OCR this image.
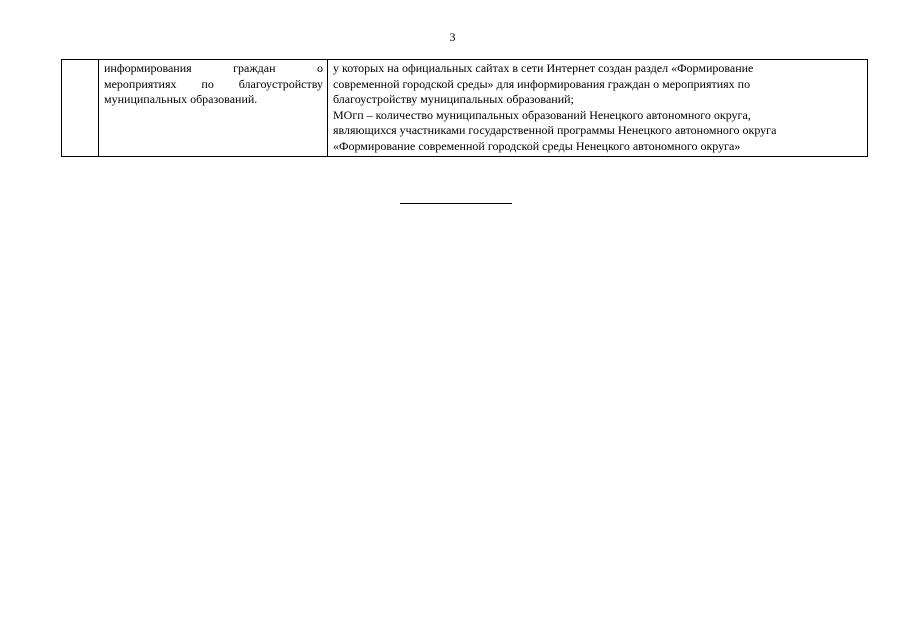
3

информирования граждан о
мероприятиях по благоустройству
муниципальных образований.

у которых на официальных сайтах в сети Интернет создан раздел «Формирование
современной городской среды» для информирования граждан о мероприятиях по
благоустройству муниципальных образований;
МОгп – количество муниципальных образований Ненецкого автономного округа,
являющихся участниками государственной программы Ненецкого автономного округа
«Формирование современной городской среды Ненецкого автономного округа»
